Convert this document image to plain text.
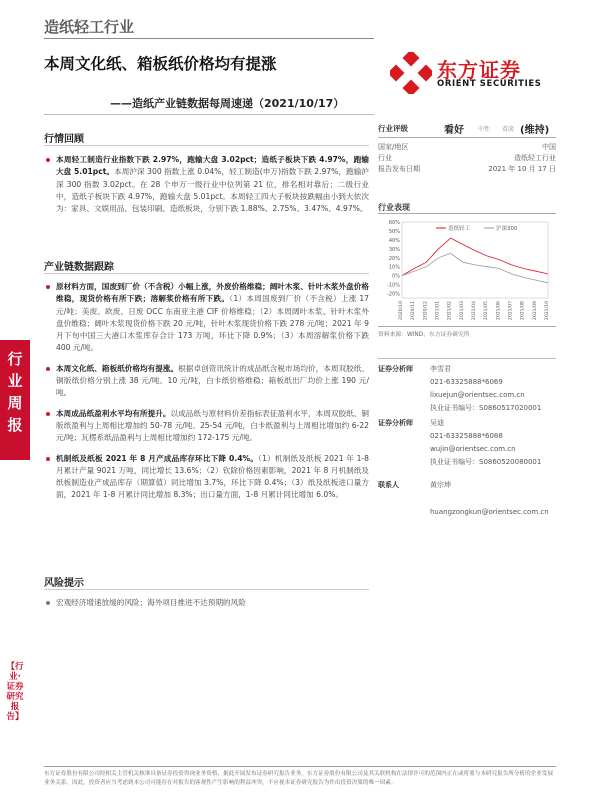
造纸轻工行业
本周文化纸、箱板纸价格均有提涨
——造纸产业链数据每周速递（2021/10/17）
东方证券
ORIENT SECURITIES
行情回顾
本周轻工制造行业指数下跌 2.97%，跑输大盘 3.02pct；造纸子板块下跌 4.97%，跑输大盘 5.01pct。本周沪深 300 指数上涨 0.04%，轻工制造(申万)指数下跌 2.97%，跑输沪深 300 指数 3.02pct。在 28 个申万一级行业中位列第 21 位，排名相对靠后；二级行业中，造纸子板块下跌 4.97%，跑输大盘 5.01pct。本周轻工四大子板块按跌幅由小到大依次为：家具、文娱用品、包装印刷、造纸板块，分别下跌 1.88%、2.75%、3.47%、4.97%。
产业链数据跟踪
原材料方面，国废到厂价（不含税）小幅上涨，外废价格维稳；阔叶木浆、针叶木浆外盘价格维稳，现货价格有所下跌；溶解浆价格有所下跌。（1）本周国废到厂价（不含税）上涨 17 元/吨；美废、欧废、日废 OCC 东南亚主港 CIF 价格维稳；（2）本周阔叶木浆、针叶木浆外盘价维稳；阔叶木浆现货价格下跌 20 元/吨，针叶木浆现货价格下跌 278 元/吨；2021 年 9 月下旬中国三大港口木浆库存合计 173 万吨，环比下降 0.9%；（3）本周溶解浆价格下跌 400 元/吨。
本周文化纸、箱板纸价格均有提涨。根据卓创资讯统计的成品纸含税市场均价，本周双胶纸、铜版纸价格分别上涨 38 元/吨、10 元/吨，白卡纸价格维稳；箱板纸出厂均价上涨 190 元/吨。
本周成品纸盈利水平均有所提升。以成品纸与原材料价差指标表征盈利水平，本周双胶纸、铜版纸盈利与上周相比增加约 50-78 元/吨、25-54 元/吨，白卡纸盈利与上周相比增加约 6-22 元/吨；瓦楞系纸品盈利与上周相比增加约 172-175 元/吨。
机制纸及纸板 2021 年 8 月产成品库存环比下降 0.4%。（1）机制纸及纸板 2021 年 1-8 月累计产量 9021 万吨，同比增长 13.6%；（2）钦除价格因素影响，2021 年 8 月机制纸及纸板制造业产成品库存（期算值）同比增加 3.7%，环比下降 0.4%；（3）纸及纸板进口量方面，2021 年 1-8 月累计同比增加 8.3%；出口量方面，1-8 月累计同比增加 6.0%。
风险提示
宏观经济增速放缓的风险；海外项目推进不达预期的风险
行业评级	看好 中性 看淡 (维持)
国家/地区	中国
行业	造纸轻工行业
报告发布日期	2021 年 10 月 17 日
行业表现
60%
50%
40%
30%
20%
10%
0%
-10%
-20%
2020/10 2020/11 2020/12 2021/01 2021/02 2021/03 2021/04 2021/05 2021/06 2021/07 2021/08 2021/09 2021/10
造纸轻工	沪深300
资料来源：WIND，东方证券研究所
证券分析师	李雪君
021-63325888*6069
lixuejun@orientsec.com.cn
执业证书编号：S0860517020001
证券分析师	吴迪
021-63325888*6088
wujin@orientsec.com.cn
执业证书编号：S0860520080001
联系人	黄宗坤
huangzongkun@orientsec.com.cn
行
业
周
报
【行业·证券研究报告】
东方证券股份有限公司经相关主管机关核准具备证券投资咨询业务资格，据此开展发布证券研究报告业务。东方证券股份有限公司及其关联机构在法律许可的范围内正在或将要与本研究报告所分析的企业发展业务关系。因此，投资者应当考虑到本公司可能存在对报告的客观性产生影响的利益冲突，不应视本证券研究报告为作出投资决策的唯一因素。
